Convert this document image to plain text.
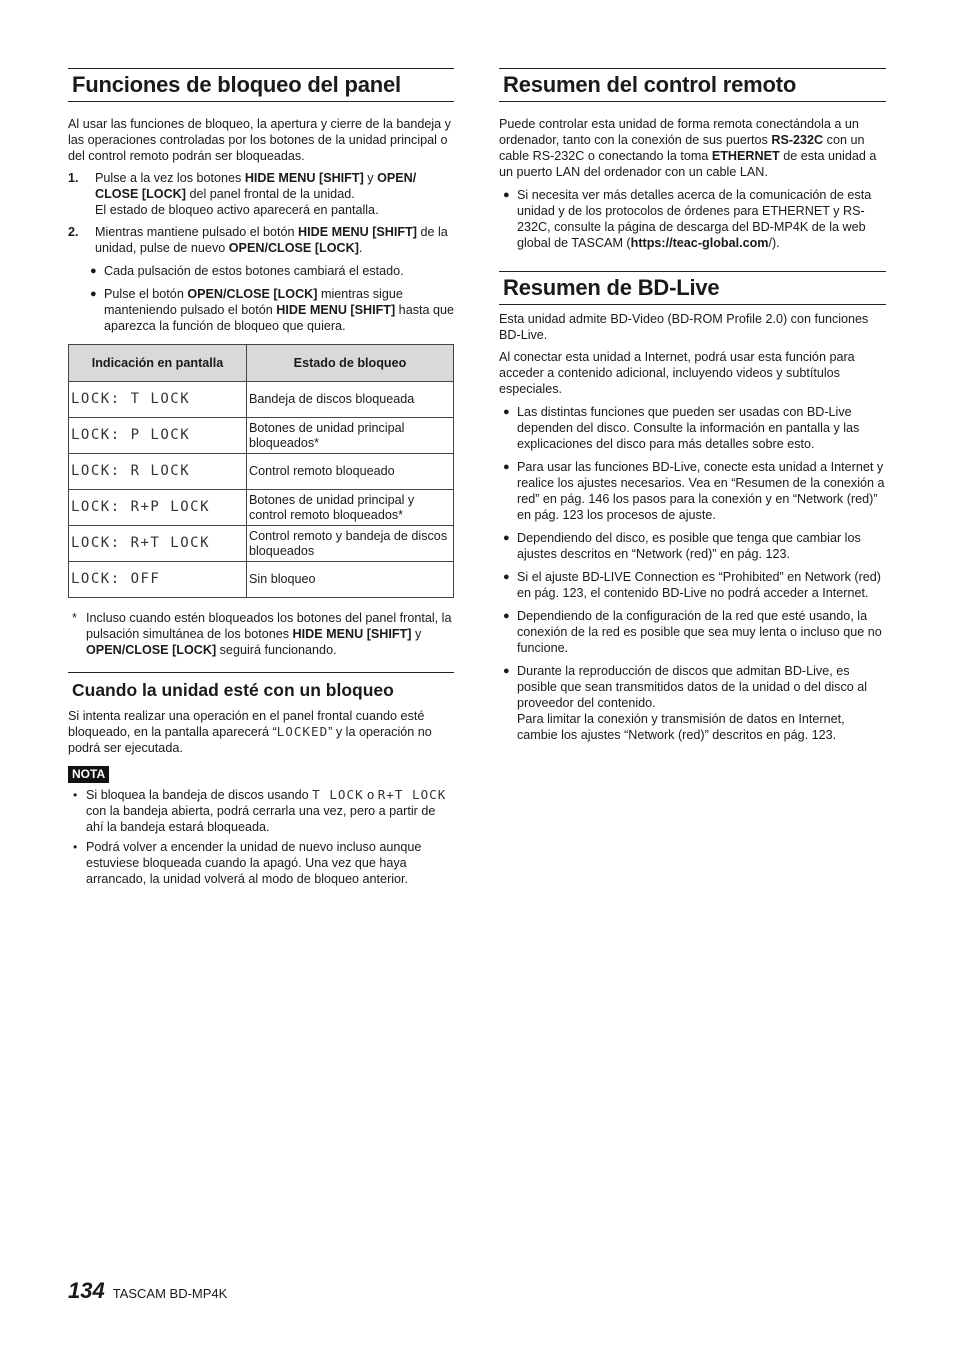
Funciones de bloqueo del panel

Al usar las funciones de bloqueo, la apertura y cierre de la bandeja y las operaciones controladas por los botones de la unidad principal o del control remoto podrán ser bloqueadas.

1.	Pulse a la vez los botones HIDE MENU [SHIFT] y OPEN/ CLOSE [LOCK] del panel frontal de la unidad.
El estado de bloqueo activo aparecerá en pantalla.
2.	Mientras mantiene pulsado el botón HIDE MENU [SHIFT] de la unidad, pulse de nuevo OPEN/CLOSE [LOCK].
● Cada pulsación de estos botones cambiará el estado.
● Pulse el botón OPEN/CLOSE [LOCK] mientras sigue manteniendo pulsado el botón HIDE MENU [SHIFT] hasta que aparezca la función de bloqueo que quiera.
Indicación en pantalla	Estado de bloqueo
LOCK: T LOCK	Bandeja de discos bloqueada
LOCK: P LOCK	Botones de unidad principal bloqueados*
LOCK: R LOCK	Control remoto bloqueado
LOCK: R+P LOCK	Botones de unidad principal y control remoto bloqueados*
LOCK: R+T LOCK	Control remoto y bandeja de discos bloqueados
LOCK: OFF	Sin bloqueo
* Incluso cuando estén bloqueados los botones del panel frontal, la pulsación simultánea de los botones HIDE MENU [SHIFT] y OPEN/CLOSE [LOCK] seguirá funcionando.
Cuando la unidad esté con un bloqueo

Si intenta realizar una operación en el panel frontal cuando esté bloqueado, en la pantalla aparecerá “LOCKED” y la operación no podrá ser ejecutada.

NOTA
• Si bloquea la bandeja de discos usando T LOCK o R+T LOCK con la bandeja abierta, podrá cerrarla una vez, pero a partir de ahí la bandeja estará bloqueada.
• Podrá volver a encender la unidad de nuevo incluso aunque estuviese bloqueada cuando la apagó. Una vez que haya arrancado, la unidad volverá al modo de bloqueo anterior.
Resumen del control remoto

Puede controlar esta unidad de forma remota conectándola a un ordenador, tanto con la conexión de sus puertos RS-232C con un cable RS-232C o conectando la toma ETHERNET de esta unidad a un puerto LAN del ordenador con un cable LAN.

● Si necesita ver más detalles acerca de la comunicación de esta unidad y de los protocolos de órdenes para ETHERNET y RS-232C, consulte la página de descarga del BD-MP4K de la web global de TASCAM (https://teac-global.com/).
Resumen de BD-Live

Esta unidad admite BD-Video (BD-ROM Profile 2.0) con funciones BD-Live.

Al conectar esta unidad a Internet, podrá usar esta función para acceder a contenido adicional, incluyendo videos y subtítulos especiales.

● Las distintas funciones que pueden ser usadas con BD-Live dependen del disco. Consulte la información en pantalla y las explicaciones del disco para más detalles sobre esto.
● Para usar las funciones BD-Live, conecte esta unidad a Internet y realice los ajustes necesarios. Vea en “Resumen de la conexión a red” en pág. 146 los pasos para la conexión y en “Network (red)” en pág. 123 los procesos de ajuste.
● Dependiendo del disco, es posible que tenga que cambiar los ajustes descritos en “Network (red)” en pág. 123.
● Si el ajuste BD-LIVE Connection es “Prohibited” en Network (red) en pág. 123, el contenido BD-Live no podrá acceder a Internet.
● Dependiendo de la configuración de la red que esté usando, la conexión de la red es posible que sea muy lenta o incluso que no funcione.
● Durante la reproducción de discos que admitan BD-Live, es posible que sean transmitidos datos de la unidad o del disco al proveedor del contenido.
Para limitar la conexión y transmisión de datos en Internet, cambie los ajustes “Network (red)” descritos en pág. 123.
134 TASCAM BD-MP4K
